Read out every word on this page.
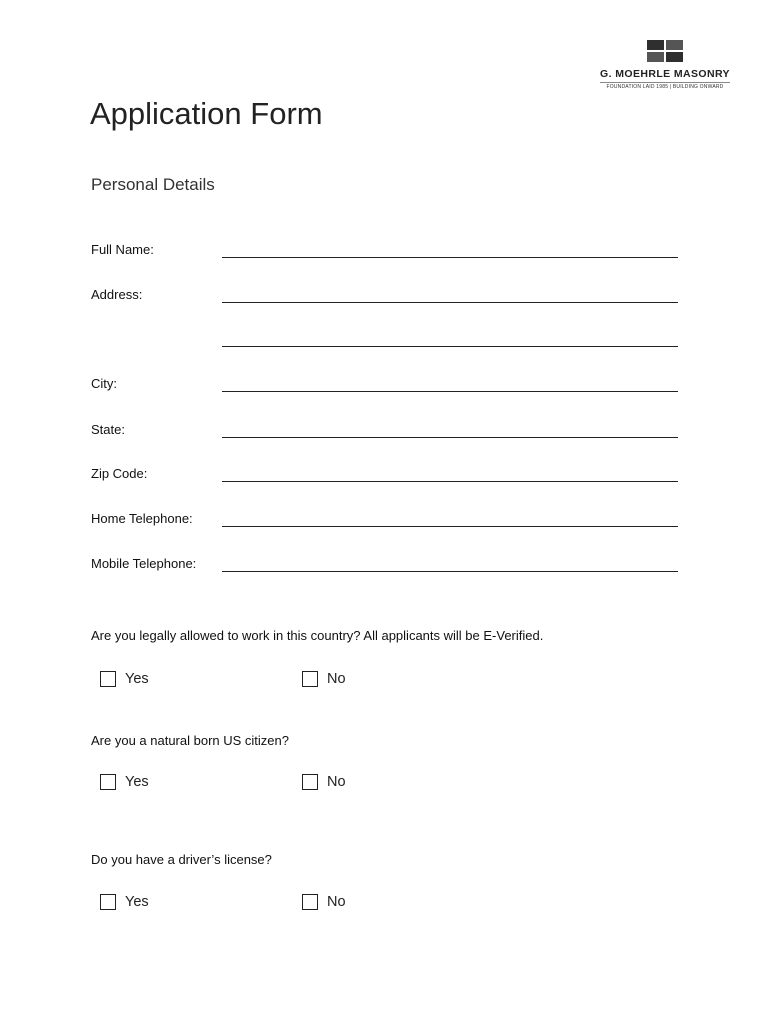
G. MOEHRLE MASONRY
FOUNDATION LAID 1985 | BUILDING ONWARD
Application Form
Personal Details
Full Name:
Address:
City:
State:
Zip Code:
Home Telephone:
Mobile Telephone:
Are you legally allowed to work in this country? All applicants will be E-Verified.
Yes	No
Are you a natural born US citizen?
Yes	No
Do you have a driver’s license?
Yes	No
